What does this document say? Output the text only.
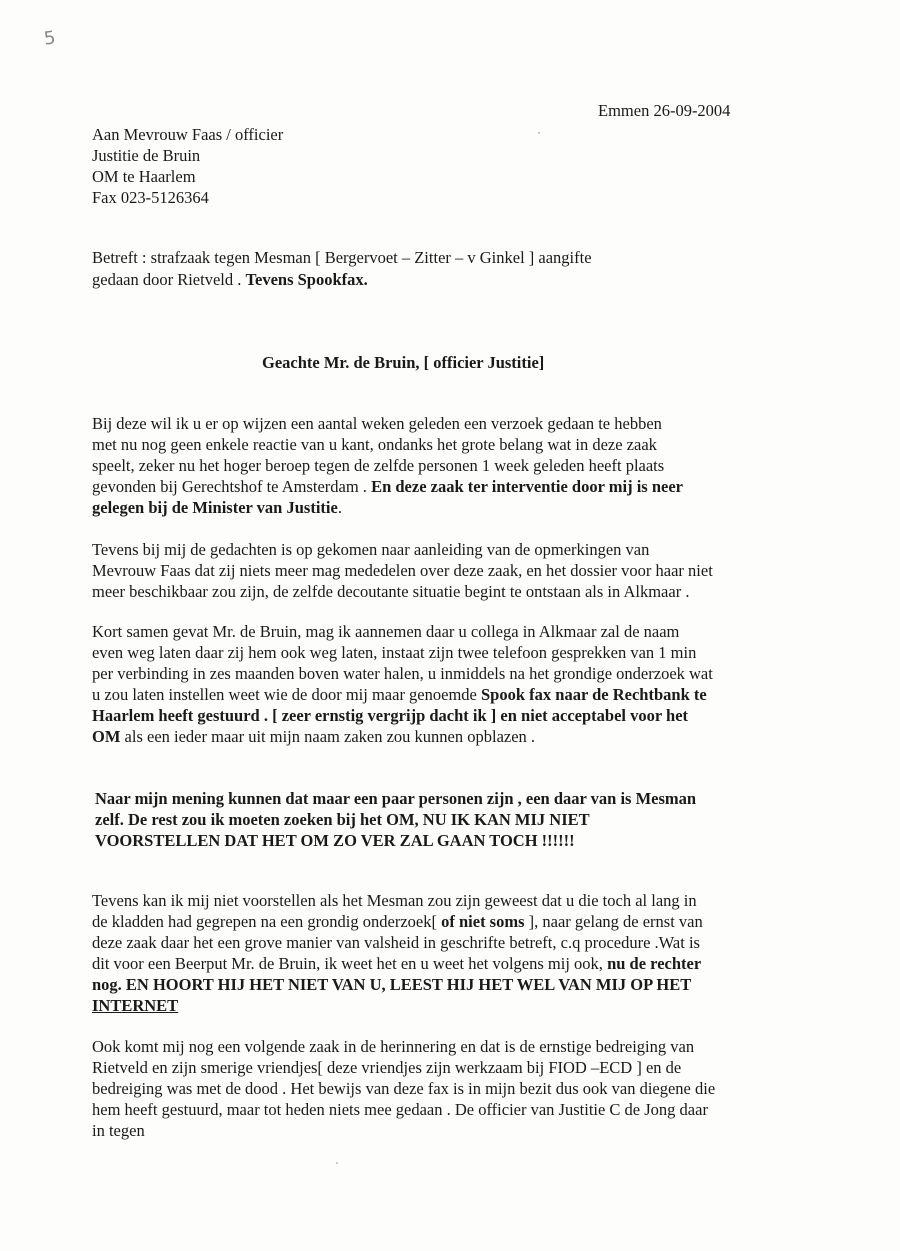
5
Emmen 26-09-2004
Aan Mevrouw Faas / officier
Justitie de Bruin
OM te Haarlem
Fax 023-5126364
Betreft : strafzaak tegen Mesman [ Bergervoet – Zitter – v Ginkel ] aangifte
gedaan door Rietveld . Tevens Spookfax.
Geachte Mr. de Bruin, [ officier Justitie]
Bij deze wil ik u er op wijzen een aantal weken geleden een verzoek gedaan te hebben
met nu nog geen enkele reactie van u kant, ondanks het grote belang wat in deze zaak
speelt, zeker nu het hoger beroep tegen de zelfde personen 1 week geleden heeft plaats
gevonden bij Gerechtshof te Amsterdam . En deze zaak ter interventie door mij is neer
gelegen bij de Minister van Justitie.
Tevens bij mij de gedachten is op gekomen naar aanleiding van de opmerkingen van
Mevrouw Faas dat zij niets meer mag mededelen over deze zaak, en het dossier voor haar niet
meer beschikbaar zou zijn, de zelfde decoutante situatie begint te ontstaan als in Alkmaar .
Kort samen gevat Mr. de Bruin, mag ik aannemen daar u collega in Alkmaar zal de naam
even weg laten daar zij hem ook weg laten, instaat zijn twee telefoon gesprekken van 1 min
per verbinding in zes maanden boven water halen, u inmiddels na het grondige onderzoek wat
u zou laten instellen weet wie de door mij maar genoemde Spook fax naar de Rechtbank te
Haarlem heeft gestuurd . [ zeer ernstig vergrijp dacht ik ] en niet acceptabel voor het
OM als een ieder maar uit mijn naam zaken zou kunnen opblazen .
Naar mijn mening kunnen dat maar een paar personen zijn , een daar van is Mesman
zelf. De rest zou ik moeten zoeken bij het OM, NU IK KAN MIJ NIET
VOORSTELLEN DAT HET OM ZO VER ZAL GAAN TOCH !!!!!!
Tevens kan ik mij niet voorstellen als het Mesman zou zijn geweest dat u die toch al lang in
de kladden had gegrepen na een grondig onderzoek[ of niet soms ], naar gelang de ernst van
deze zaak daar het een grove manier van valsheid in geschrifte betreft, c.q procedure .Wat is
dit voor een Beerput Mr. de Bruin, ik weet het en u weet het volgens mij ook, nu de rechter
nog. EN HOORT HIJ HET NIET VAN U, LEEST HIJ HET WEL VAN MIJ OP HET
INTERNET
Ook komt mij nog een volgende zaak in de herinnering en dat is de ernstige bedreiging van
Rietveld en zijn smerige vriendjes[ deze vriendjes zijn werkzaam bij FIOD –ECD ] en de
bedreiging was met de dood . Het bewijs van deze fax is in mijn bezit dus ook van diegene die
hem heeft gestuurd, maar tot heden niets mee gedaan . De officier van Justitie C de Jong daar
in tegen
